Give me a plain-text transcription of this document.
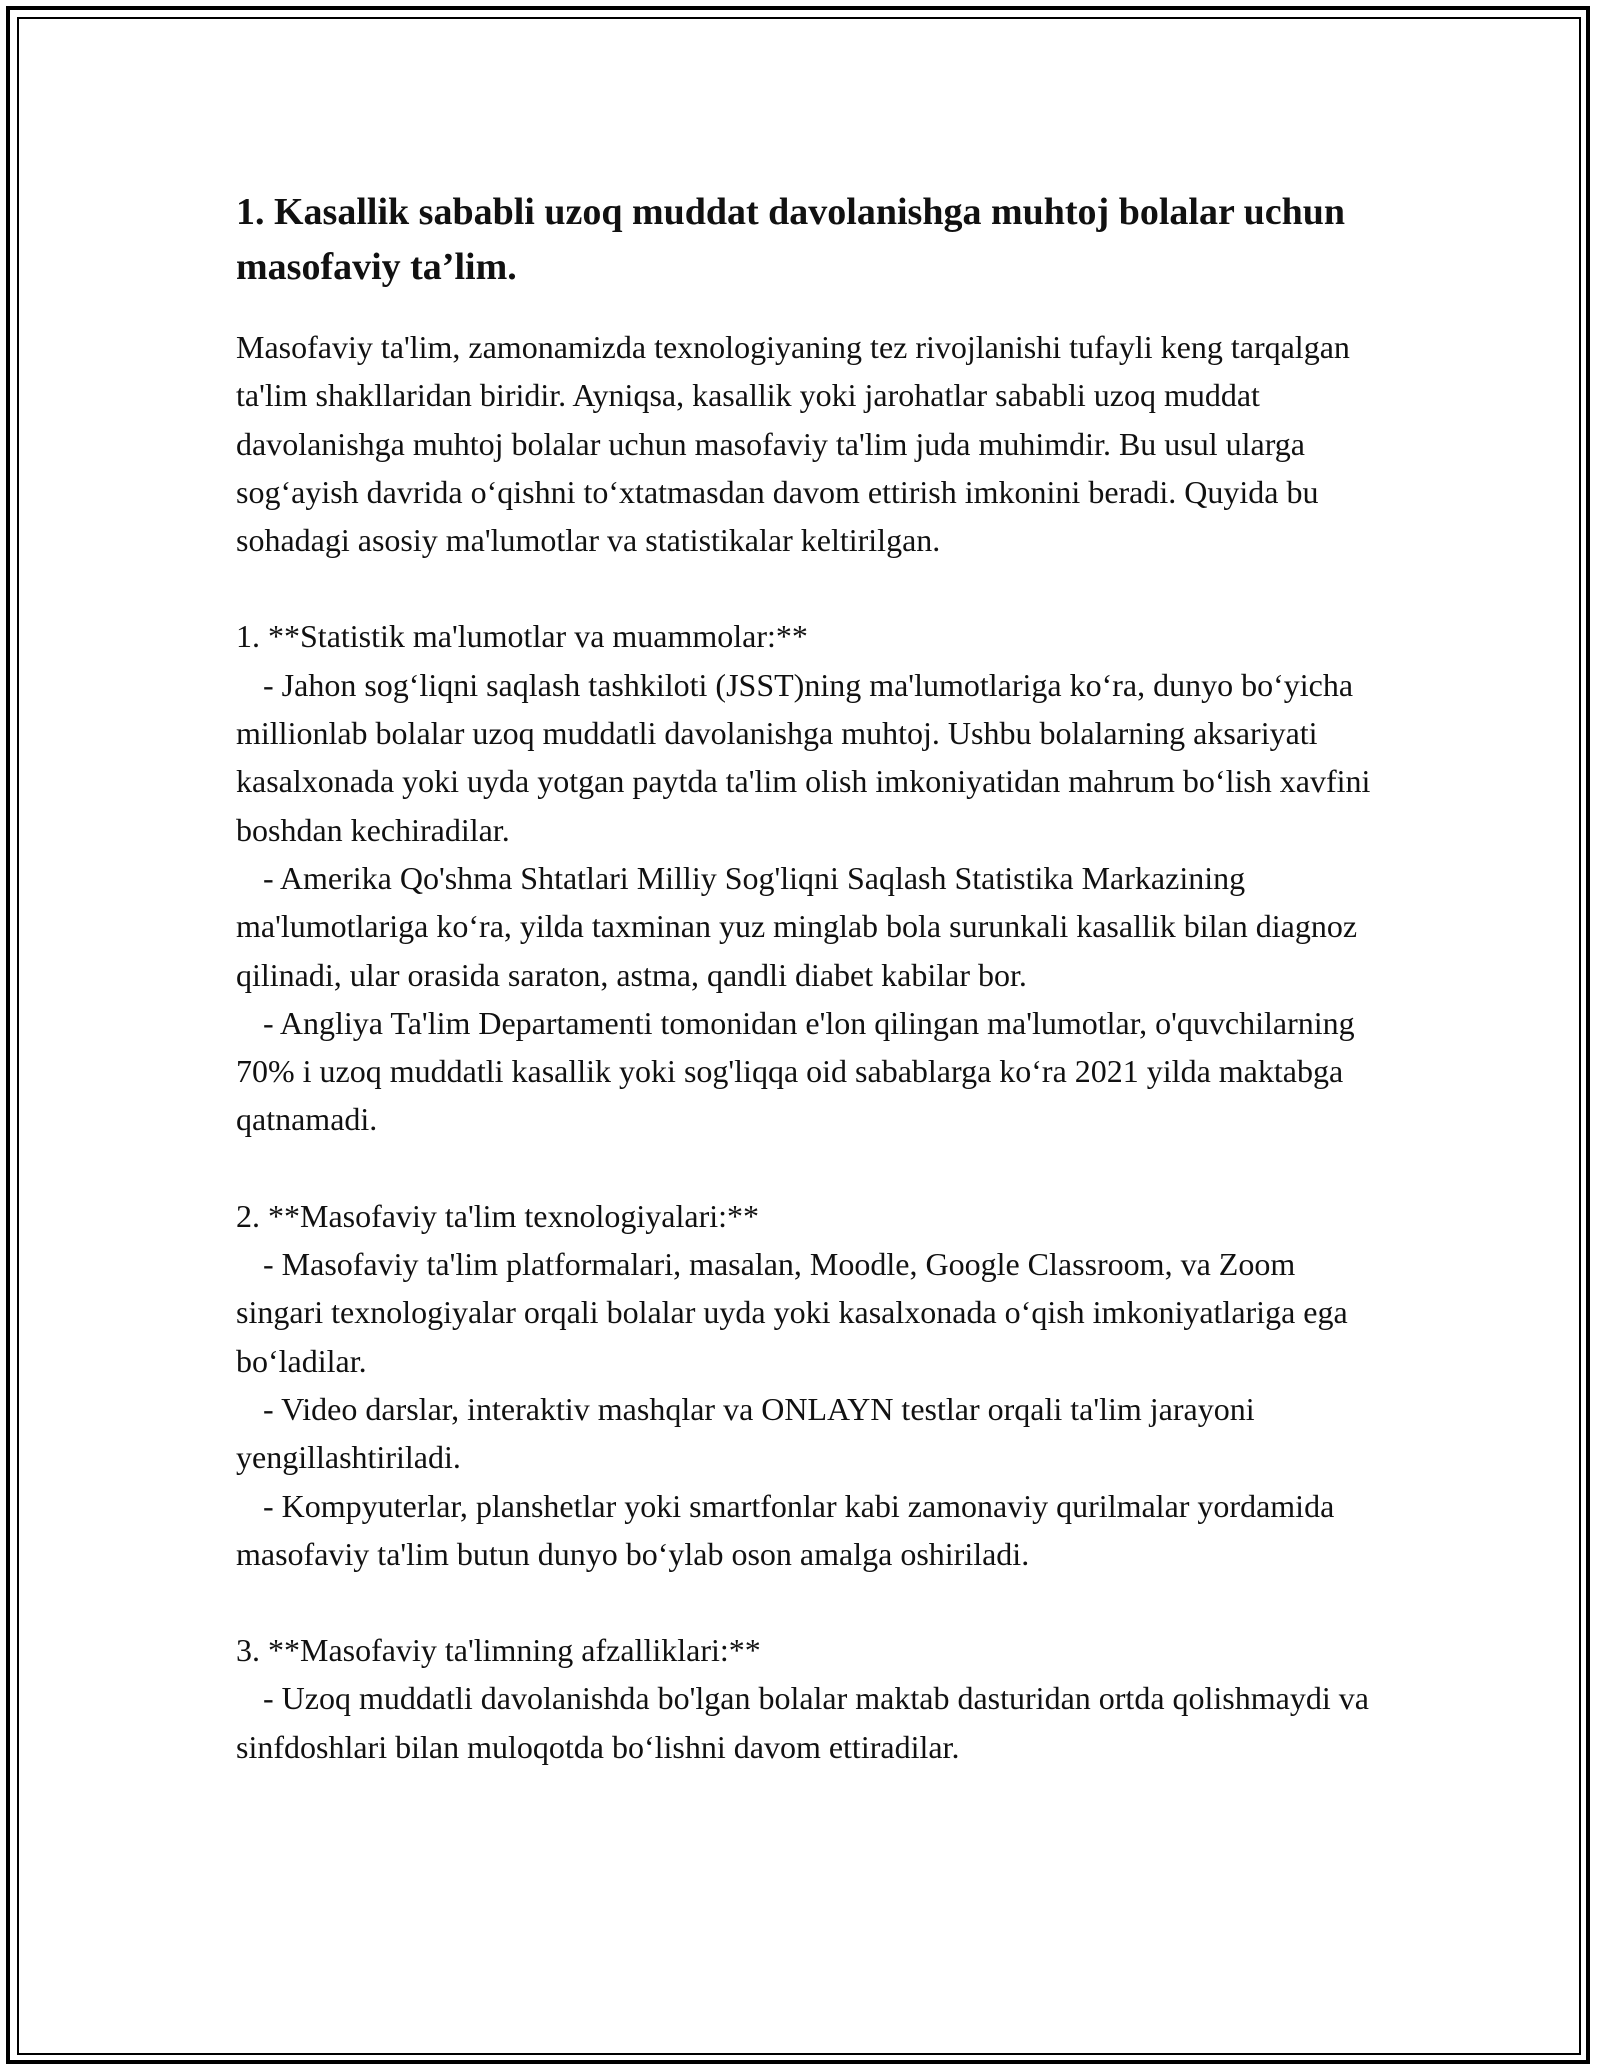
1. Kasallik sababli uzoq muddat davolanishga muhtoj bolalar uchun masofaviy ta’lim.

Masofaviy ta'lim, zamonamizda texnologiyaning tez rivojlanishi tufayli keng tarqalgan ta'lim shakllaridan biridir. Ayniqsa, kasallik yoki jarohatlar sababli uzoq muddat davolanishga muhtoj bolalar uchun masofaviy ta'lim juda muhimdir. Bu usul ularga sog‘ayish davrida o‘qishni to‘xtatmasdan davom ettirish imkonini beradi. Quyida bu sohadagi asosiy ma'lumotlar va statistikalar keltirilgan.

1. **Statistik ma'lumotlar va muammolar:**

- Jahon sog‘liqni saqlash tashkiloti (JSST)ning ma'lumotlariga ko‘ra, dunyo bo‘yicha millionlab bolalar uzoq muddatli davolanishga muhtoj. Ushbu bolalarning aksariyati kasalxonada yoki uyda yotgan paytda ta'lim olish imkoniyatidan mahrum bo‘lish xavfini boshdan kechiradilar.

- Amerika Qo'shma Shtatlari Milliy Sog'liqni Saqlash Statistika Markazining ma'lumotlariga ko‘ra, yilda taxminan yuz minglab bola surunkali kasallik bilan diagnoz qilinadi, ular orasida saraton, astma, qandli diabet kabilar bor.

- Angliya Ta'lim Departamenti tomonidan e'lon qilingan ma'lumotlar, o'quvchilarning 70% i uzoq muddatli kasallik yoki sog'liqqa oid sabablarga ko‘ra 2021 yilda maktabga qatnamadi.

2. **Masofaviy ta'lim texnologiyalari:**

- Masofaviy ta'lim platformalari, masalan, Moodle, Google Classroom, va Zoom singari texnologiyalar orqali bolalar uyda yoki kasalxonada o‘qish imkoniyatlariga ega bo‘ladilar.

- Video darslar, interaktiv mashqlar va ONLAYN testlar orqali ta'lim jarayoni yengillashtiriladi.

- Kompyuterlar, planshetlar yoki smartfonlar kabi zamonaviy qurilmalar yordamida masofaviy ta'lim butun dunyo bo‘ylab oson amalga oshiriladi.

3. **Masofaviy ta'limning afzalliklari:**

- Uzoq muddatli davolanishda bo'lgan bolalar maktab dasturidan ortda qolishmaydi va sinfdoshlari bilan muloqotda bo‘lishni davom ettiradilar.
